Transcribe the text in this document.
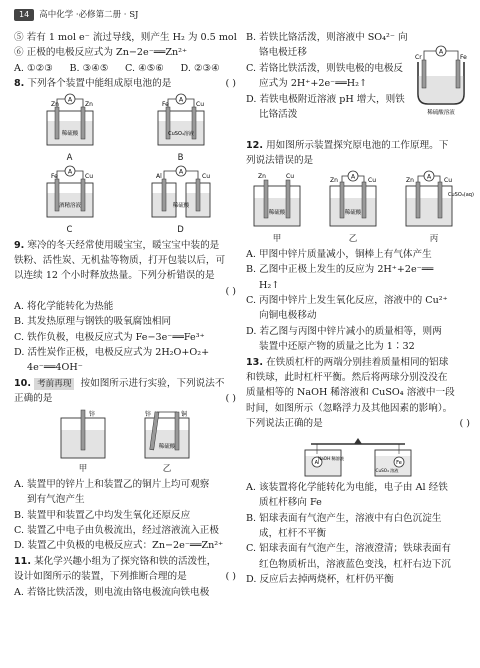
14	高中化学 ·必修第二册 · SJ
⑤ 若有 1 mol e⁻ 流过导线，则产生 H₂ 为 0.5 mol
⑥ 正极的电极反应式为 Zn−2e⁻══Zn²⁺
A. ①②③	B. ③④⑤	C. ④⑤⑥	D. ②③④
8. 下列各个装置中能组成原电池的是	( )
A
Zn	Zn
稀硫酸
A
A
Fe	Cu
CuSO₄溶液
B
A
Fe	Cu
酒精溶液
C
A
Al	Cu
稀硫酸
D
9. 寒冷的冬天经常使用暖宝宝，暖宝宝中装的是
铁粉、活性炭、无机盐等物质，打开包装以后，可
以连续 12 个小时释放热量。下列分析错误的是
( )
A. 将化学能转化为热能
B. 其发热原理与钢铁的吸氧腐蚀相同
C. 铁作负极，电极反应式为 Fe−3e⁻══Fe³⁺
D. 活性炭作正极，电极反应式为 2H₂O+O₂+
4e⁻══4OH⁻
10. 考前再现 按如图所示进行实验，下列说法不
正确的是	( )
锌
甲
锌	铜
稀硫酸
乙
A. 装置甲的锌片上和装置乙的铜片上均可观察
到有气泡产生
B. 装置甲和装置乙中均发生氧化还原反应
C. 装置乙中电子由负极流出，经过溶液流入正极
D. 装置乙中负极的电极反应式：Zn−2e⁻══Zn²⁺
11. 某化学兴趣小组为了探究铬和铁的活泼性，
设计如图所示的装置，下列推断合理的是	( )
A. 若铬比铁活泼，则电流由铬电极流向铁电极
B. 若铁比铬活泼，则溶液中 SO₄²⁻ 向
铬电极迁移
C. 若铬比铁活泼，则铁电极的电极反
应式为 2H⁺+2e⁻══H₂↑
D. 若铁电极附近溶液 pH 增大，则铁
比铬活泼
A
Cr	Fe
稀硫酸溶液
12. 用如图所示装置探究原电池的工作原理。下
列说法错误的是
Zn	Cu
稀硫酸
甲
A
Zn	Cu
稀硫酸
乙
A
Zn	Cu
CuSO₄(aq)
丙
A. 甲图中锌片质量减小，铜棒上有气体产生
B. 乙图中正极上发生的反应为 2H⁺+2e⁻══
H₂↑
C. 丙图中锌片上发生氧化反应，溶液中的 Cu²⁺
向铜电极移动
D. 若乙图与丙图中锌片减小的质量相等，则两
装置中还原产物的质量之比为 1∶32
13. 在铁质杠杆的两端分别挂着质量相同的铝球
和铁球，此时杠杆平衡。然后将两球分别没没在
质量相等的 NaOH 稀溶液和 CuSO₄ 溶液中一段
时间，如图所示（忽略浮力及其他因素的影响）。
下列说法正确的是	( )
Al	Fe
NaOH 稀溶液
CuSO₄ 溶液
A. 该装置将化学能转化为电能，电子由 Al 经铁
质杠杆移向 Fe
B. 铝球表面有气泡产生，溶液中有白色沉淀生
成，杠杆不平衡
C. 铝球表面有气泡产生，溶液澄清；铁球表面有
红色物质析出，溶液蓝色变浅，杠杆右边下沉
D. 反应后去掉两烧杯，杠杆仍平衡
